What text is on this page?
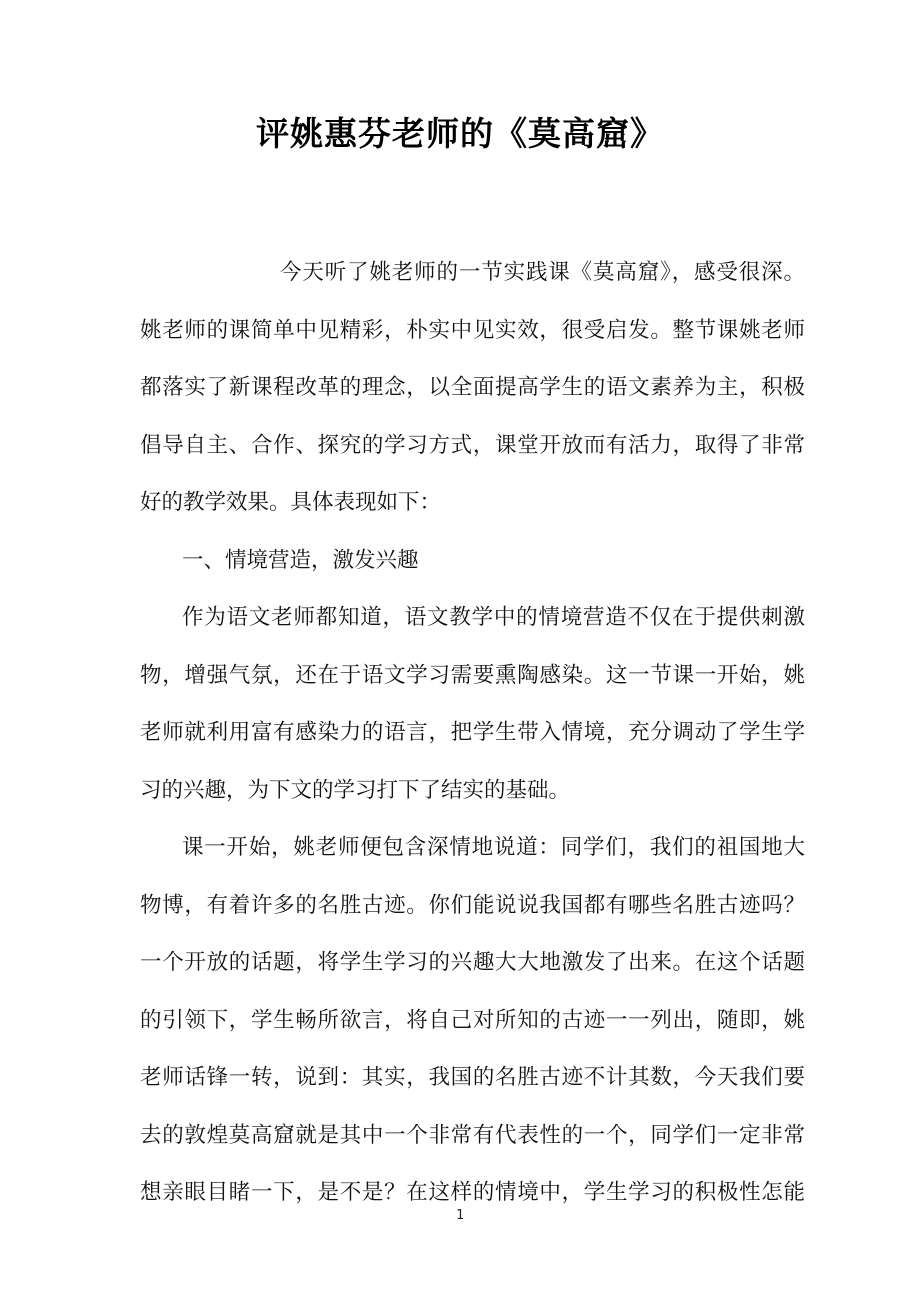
评姚惠芬老师的《莫高窟》
今天听了姚老师的一节实践课《莫高窟》，感受很深。
姚老师的课简单中见精彩，朴实中见实效，很受启发。整节课姚老师
都落实了新课程改革的理念，以全面提高学生的语文素养为主，积极
倡导自主、合作、探究的学习方式，课堂开放而有活力，取得了非常
好的教学效果。具体表现如下：
一、情境营造，激发兴趣
作为语文老师都知道，语文教学中的情境营造不仅在于提供刺激
物，增强气氛，还在于语文学习需要熏陶感染。这一节课一开始，姚
老师就利用富有感染力的语言，把学生带入情境，充分调动了学生学
习的兴趣，为下文的学习打下了结实的基础。
课一开始，姚老师便包含深情地说道：同学们，我们的祖国地大
物博，有着许多的名胜古迹。你们能说说我国都有哪些名胜古迹吗？
一个开放的话题，将学生学习的兴趣大大地激发了出来。在这个话题
的引领下，学生畅所欲言，将自己对所知的古迹一一列出，随即，姚
老师话锋一转，说到：其实，我国的名胜古迹不计其数，今天我们要
去的敦煌莫高窟就是其中一个非常有代表性的一个，同学们一定非常
想亲眼目睹一下，是不是？在这样的情境中，学生学习的积极性怎能
1
